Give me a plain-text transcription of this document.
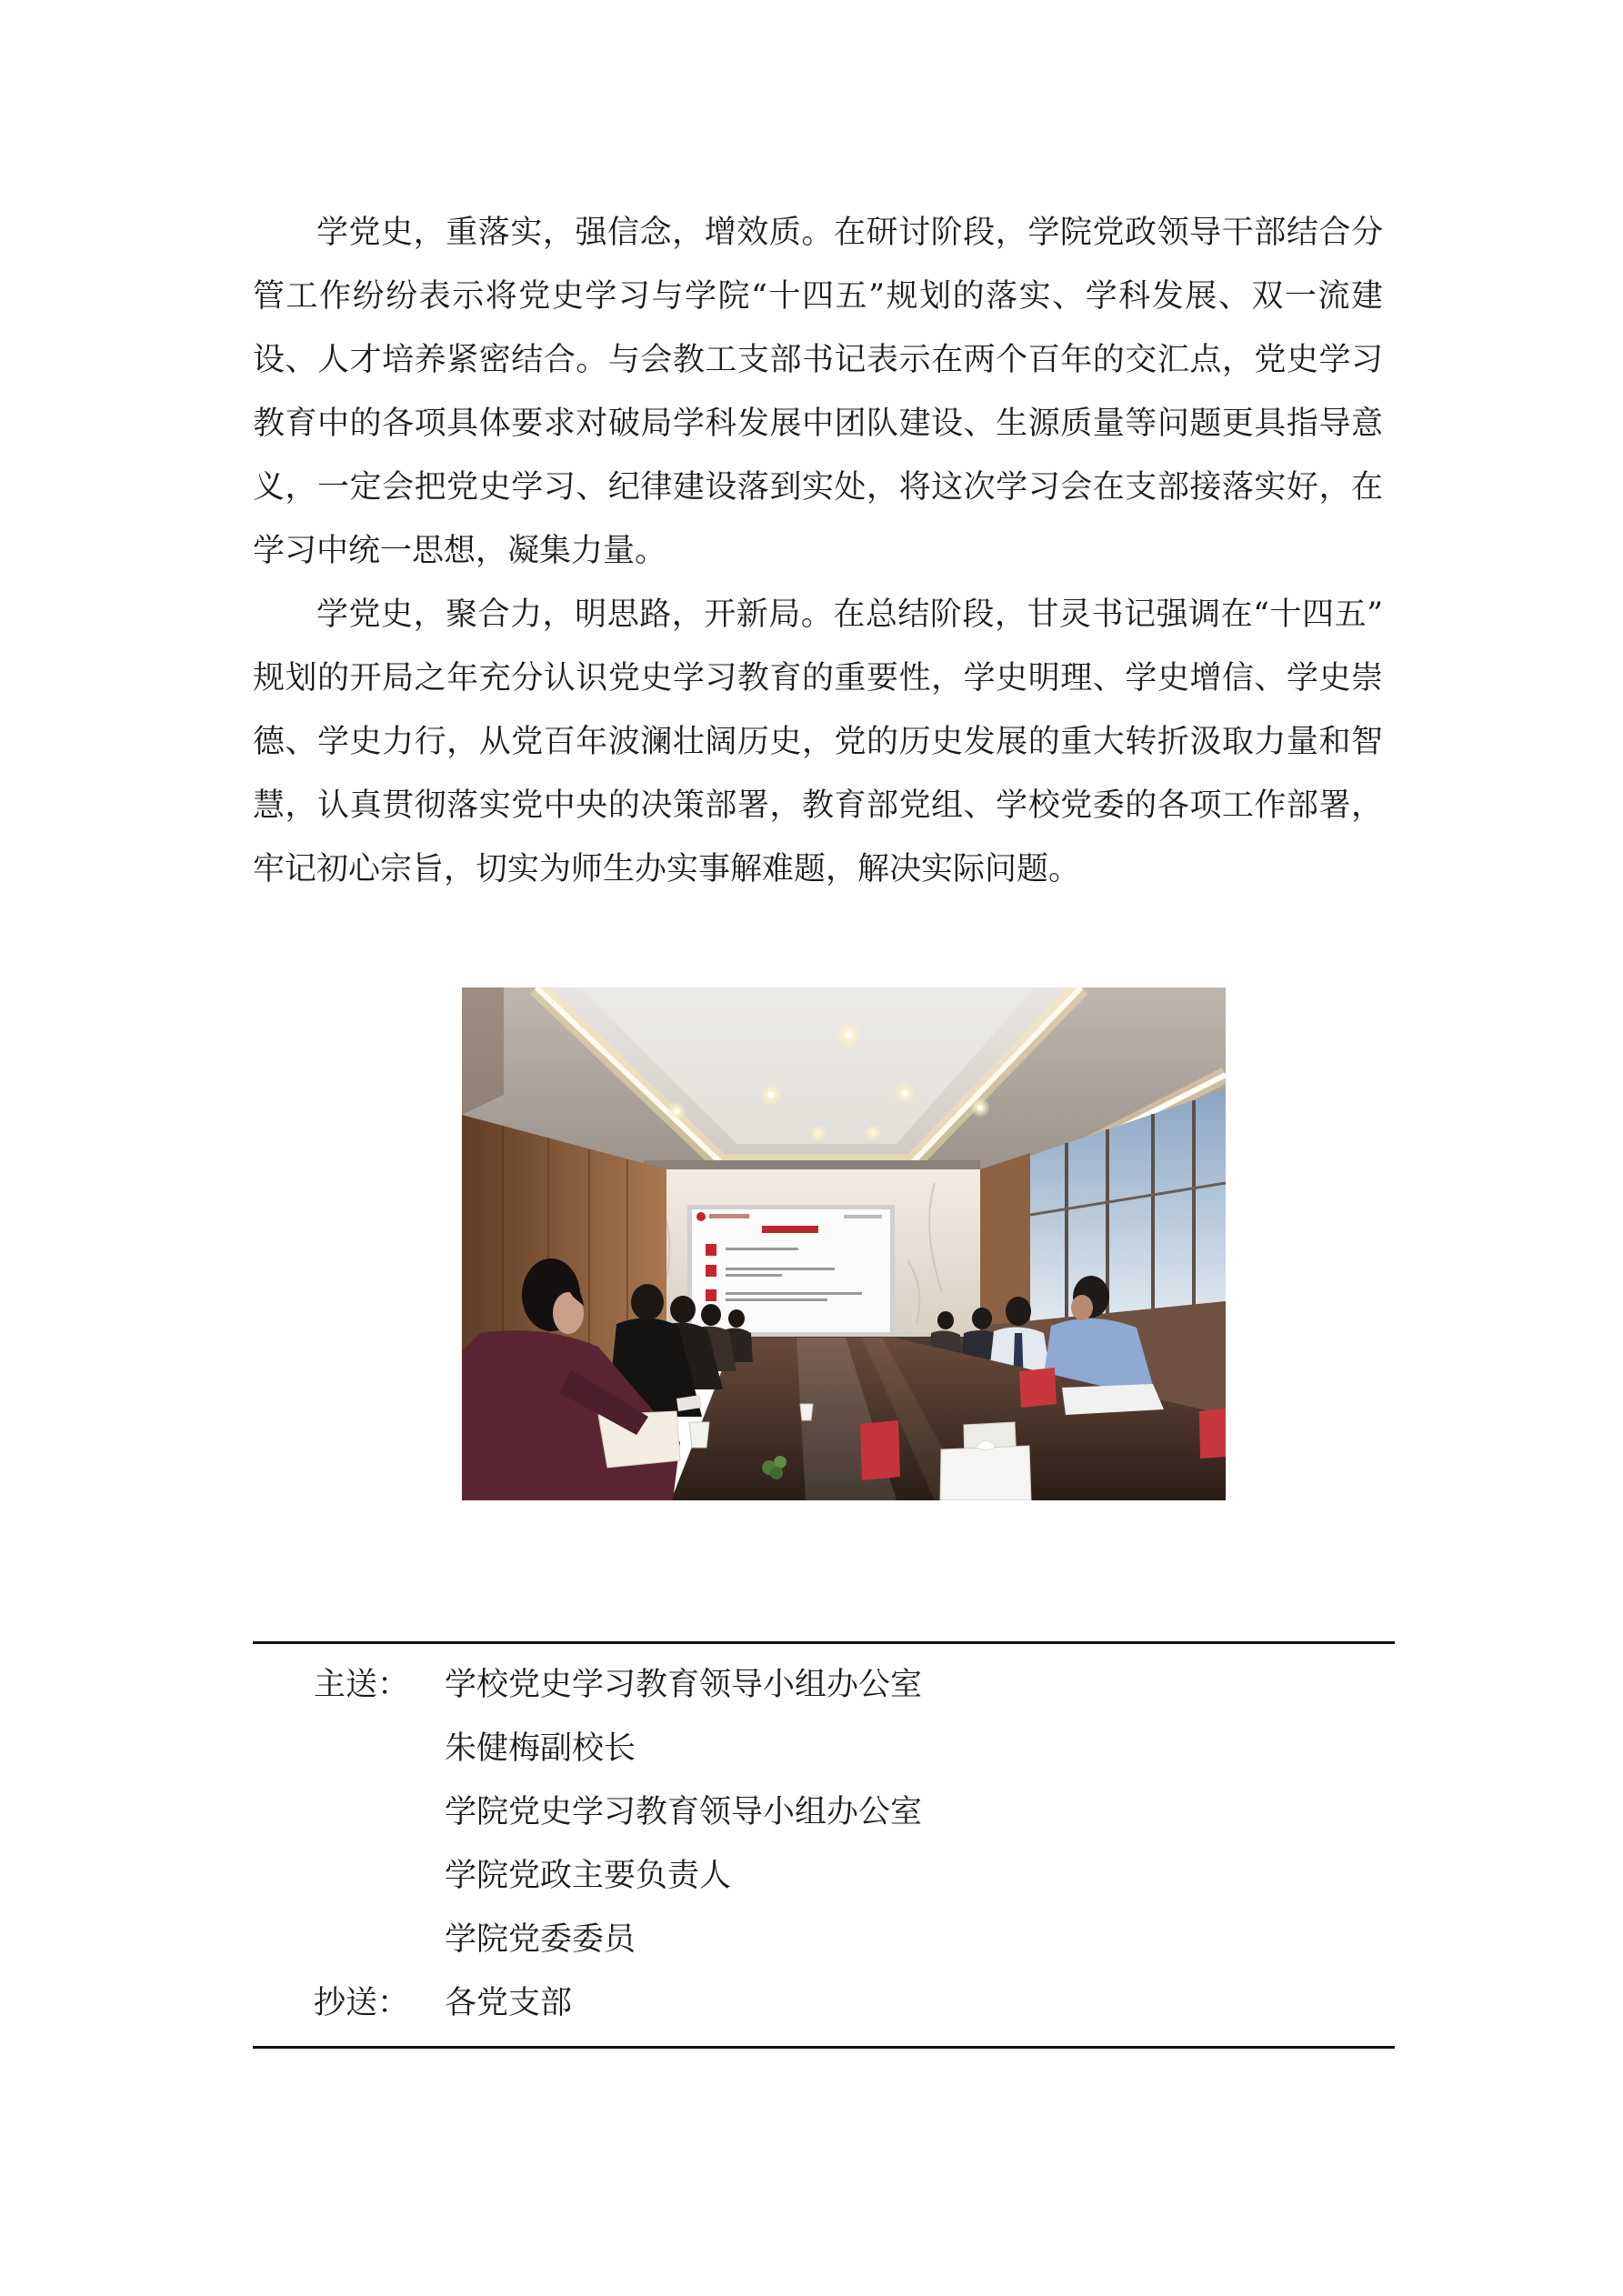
学党史，重落实，强信念，增效质。在研讨阶段，学院党政领导干部结合分
管工作纷纷表示将党史学习与学院“十四五”规划的落实、学科发展、双一流建
设、人才培养紧密结合。与会教工支部书记表示在两个百年的交汇点，党史学习
教育中的各项具体要求对破局学科发展中团队建设、生源质量等问题更具指导意
义，一定会把党史学习、纪律建设落到实处，将这次学习会在支部接落实好，在
学习中统一思想，凝集力量。
学党史，聚合力，明思路，开新局。在总结阶段，甘灵书记强调在“十四五”
规划的开局之年充分认识党史学习教育的重要性，学史明理、学史增信、学史崇
德、学史力行，从党百年波澜壮阔历史，党的历史发展的重大转折汲取力量和智
慧，认真贯彻落实党中央的决策部署，教育部党组、学校党委的各项工作部署，
牢记初心宗旨，切实为师生办实事解难题，解决实际问题。
主送： 学校党史学习教育领导小组办公室
朱健梅副校长
学院党史学习教育领导小组办公室
学院党政主要负责人
学院党委委员
抄送： 各党支部
